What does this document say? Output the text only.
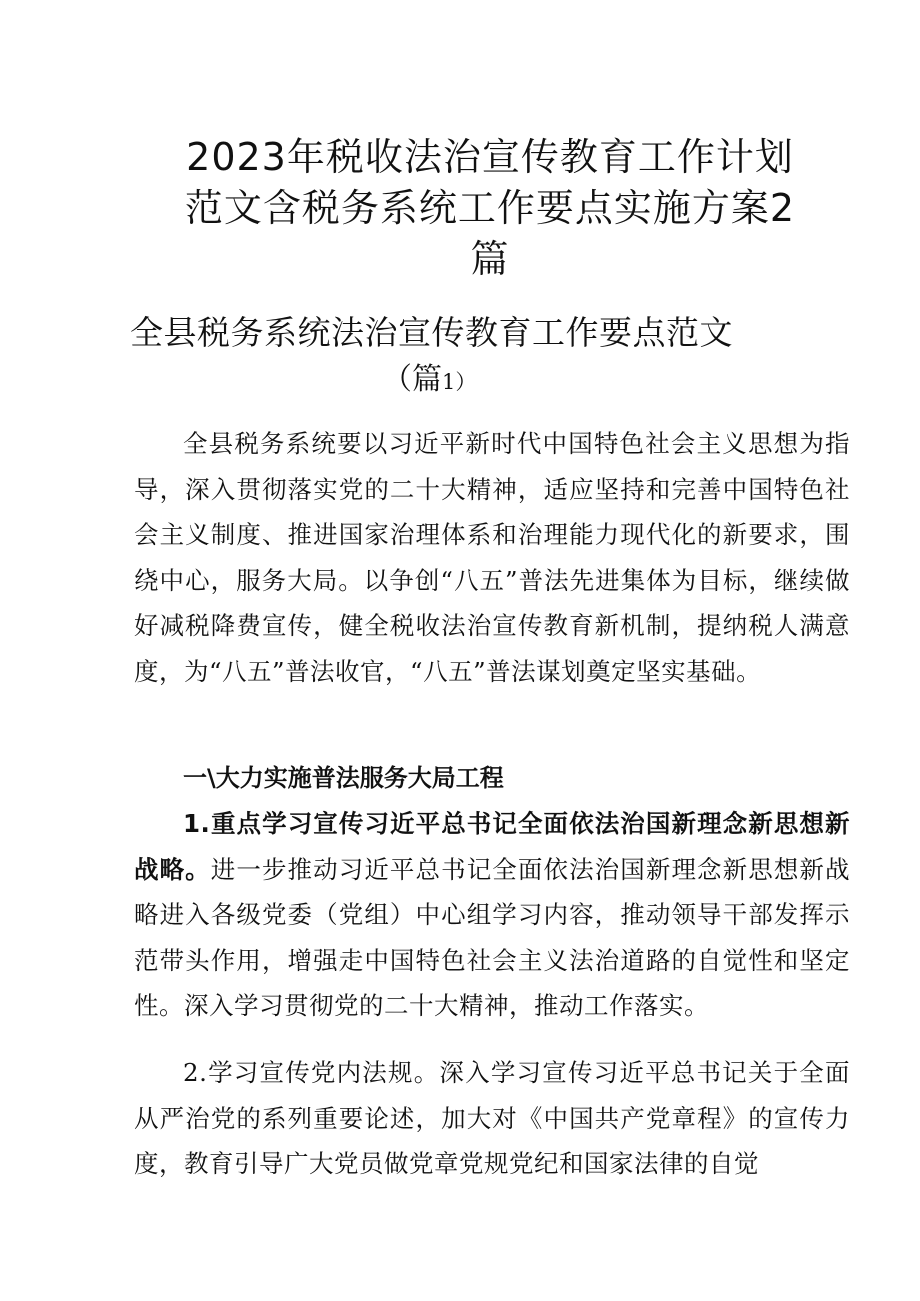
2023年税收法治宣传教育工作计划
范文含税务系统工作要点实施方案2
篇
全县税务系统法治宣传教育工作要点范文
（篇1）

全县税务系统要以习近平新时代中国特色社会主义思想为指导，深入贯彻落实党的二十大精神，适应坚持和完善中国特色社会主义制度、推进国家治理体系和治理能力现代化的新要求，围绕中心，服务大局。以争创“八五”普法先进集体为目标，继续做好减税降费宣传，健全税收法治宣传教育新机制，提纳税人满意度，为“八五”普法收官，“八五”普法谋划奠定坚实基础。

一\大力实施普法服务大局工程

1.重点学习宣传习近平总书记全面依法治国新理念新思想新战略。进一步推动习近平总书记全面依法治国新理念新思想新战略进入各级党委（党组）中心组学习内容，推动领导干部发挥示范带头作用，增强走中国特色社会主义法治道路的自觉性和坚定性。深入学习贯彻党的二十大精神，推动工作落实。

2.学习宣传党内法规。深入学习宣传习近平总书记关于全面从严治党的系列重要论述，加大对《中国共产党章程》的宣传力度，教育引导广大党员做党章党规党纪和国家法律的自觉
